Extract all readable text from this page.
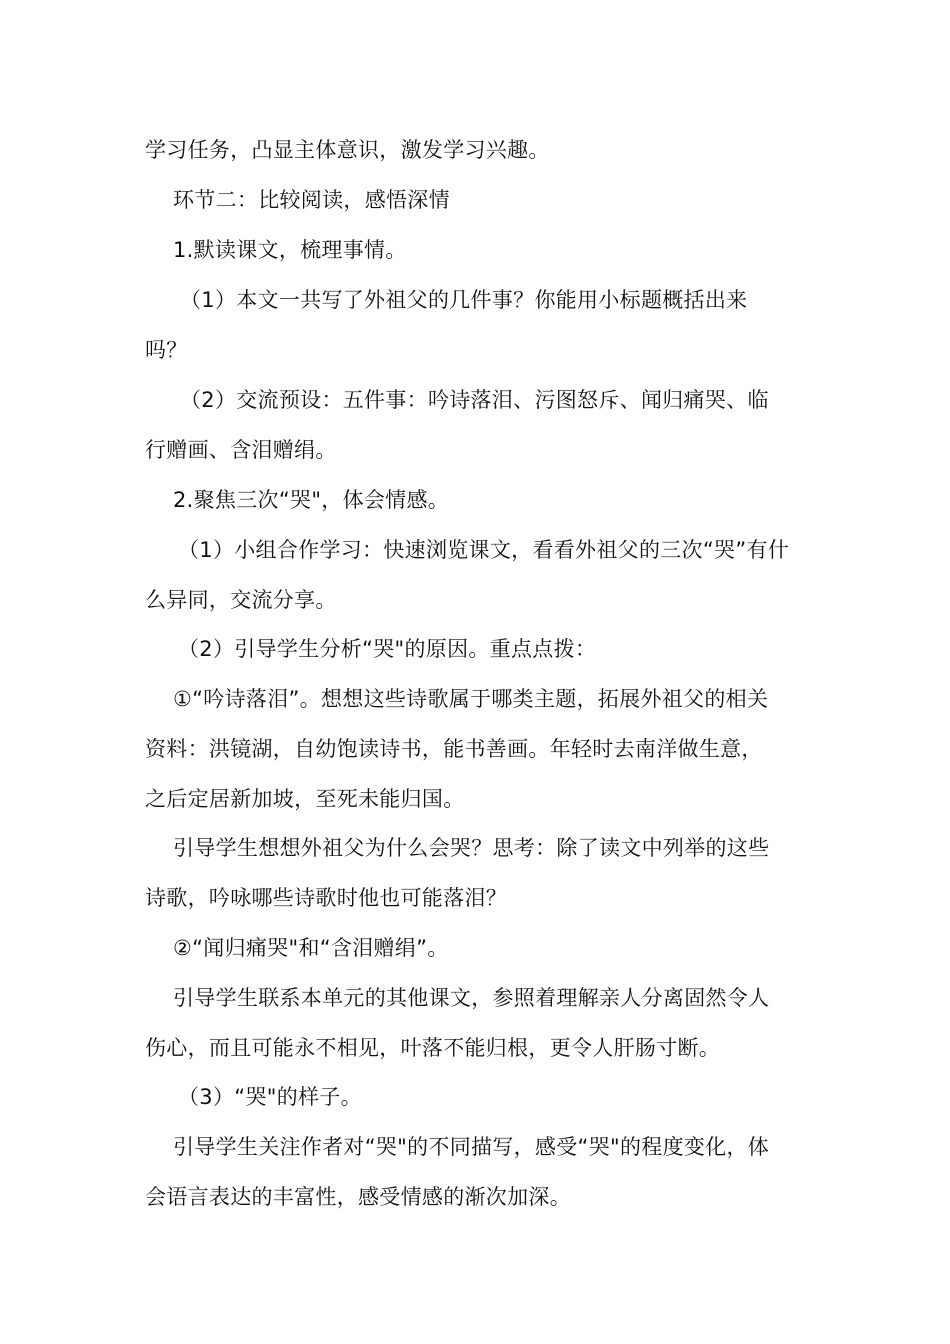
学习任务，凸显主体意识，激发学习兴趣。
环节二：比较阅读，感悟深情
1.默读课文，梳理事情。
（1）本文一共写了外祖父的几件事？你能用小标题概括出来
吗？
（2）交流预设：五件事：吟诗落泪、污图怒斥、闻归痛哭、临
行赠画、含泪赠绢。
2.聚焦三次“哭"，体会情感。
（1）小组合作学习：快速浏览课文，看看外祖父的三次“哭”有什
么异同，交流分享。
（2）引导学生分析“哭"的原因。重点点拨：
①“吟诗落泪”。想想这些诗歌属于哪类主题，拓展外祖父的相关
资料：洪镜湖，自幼饱读诗书，能书善画。年轻时去南洋做生意，
之后定居新加坡，至死未能归国。
引导学生想想外祖父为什么会哭？思考：除了读文中列举的这些
诗歌，吟咏哪些诗歌时他也可能落泪？
②“闻归痛哭"和“含泪赠绢”。
引导学生联系本单元的其他课文，参照着理解亲人分离固然令人
伤心，而且可能永不相见，叶落不能归根，更令人肝肠寸断。
（3）“哭"的样子。
引导学生关注作者对“哭"的不同描写，感受“哭"的程度变化，体
会语言表达的丰富性，感受情感的渐次加深。
